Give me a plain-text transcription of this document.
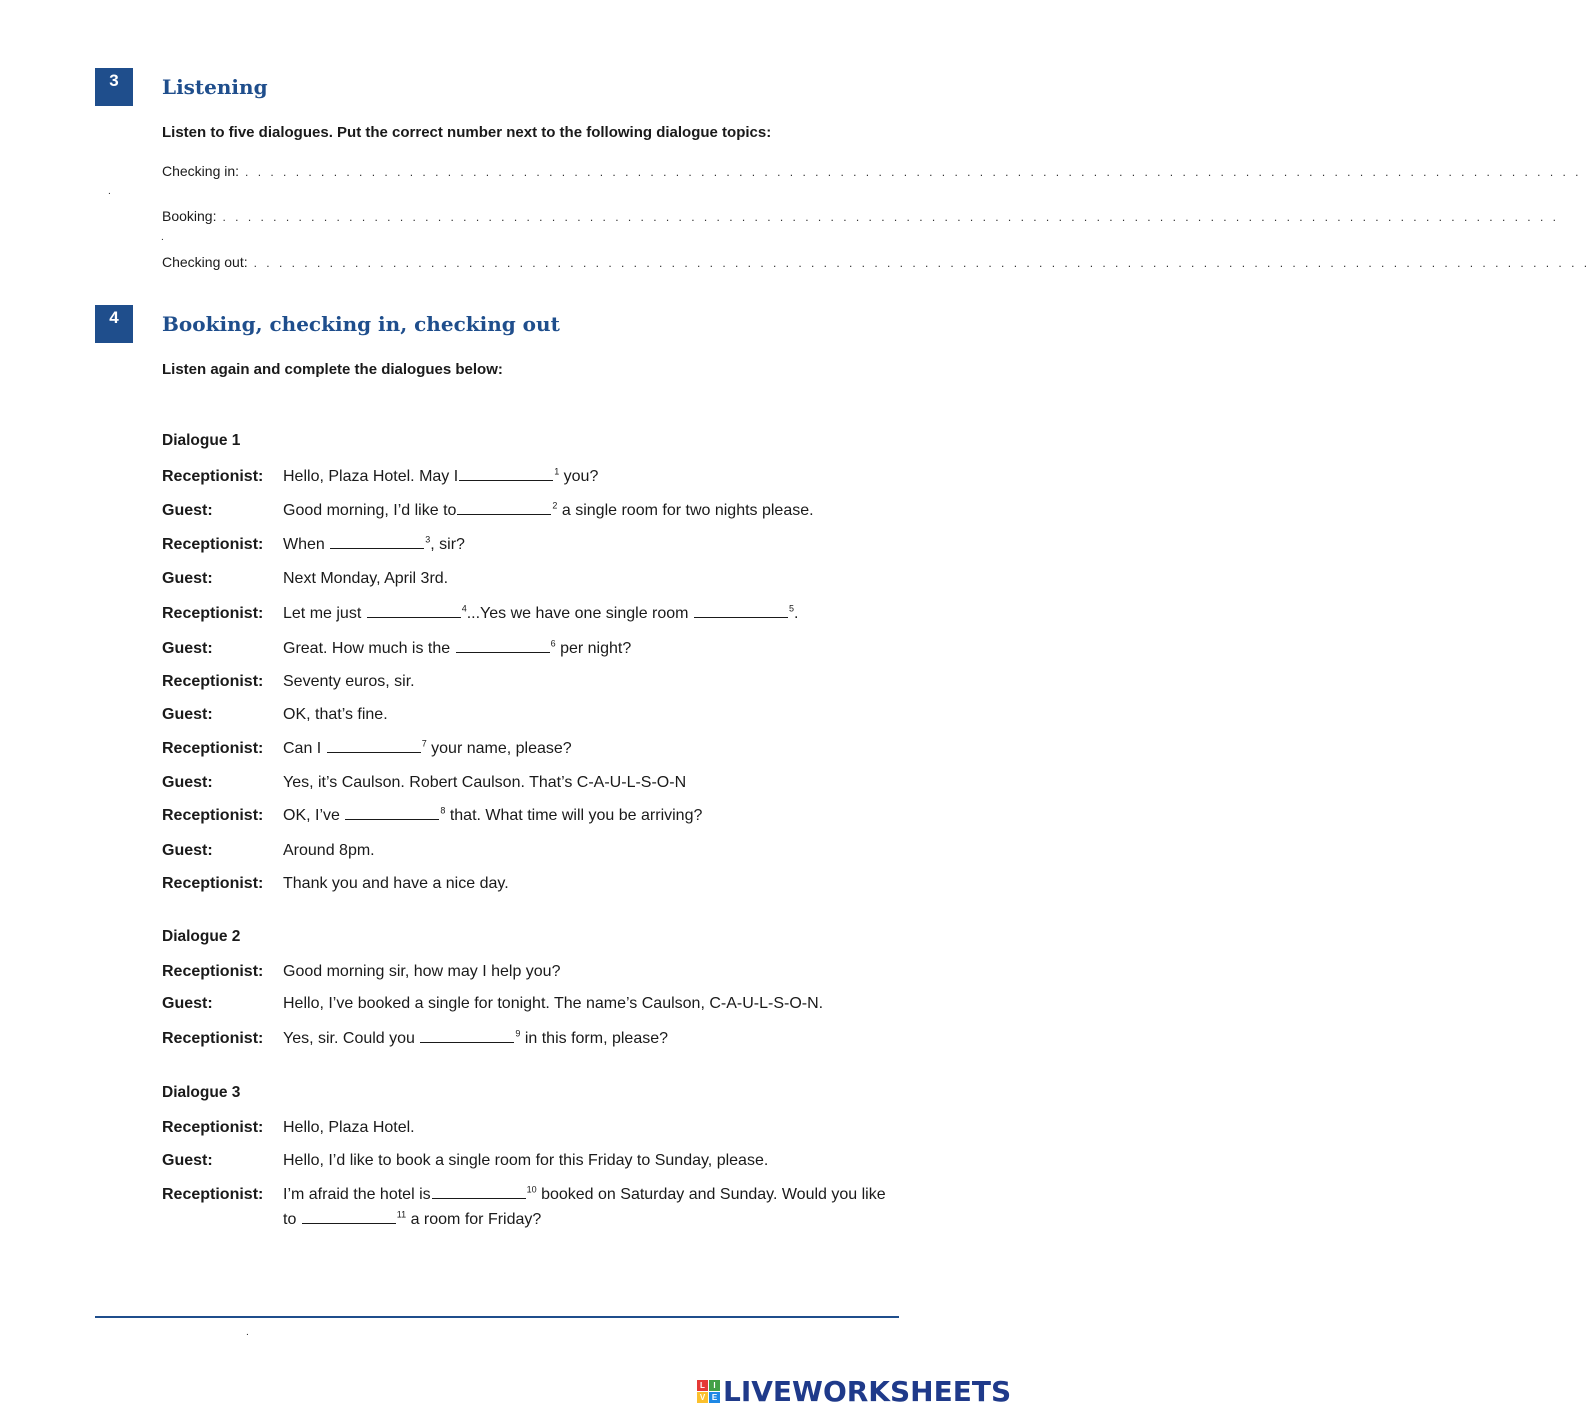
3	Listening
Listen to five dialogues. Put the correct number next to the following dialogue topics:
Checking in: . . . . . . . . . . . . . . . . . . . . . . . . . . . . . . . . . . . . . . . . . . . . . . . . . . . . . . . . . . . . . . . . . . . . . . . . . . . . . . . . . . . . . . . . . . . . . . . . . . . . . . . . . .
.
Booking: . . . . . . . . . . . . . . . . . . . . . . . . . . . . . . . . . . . . . . . . . . . . . . . . . . . . . . . . . . . . . . . . . . . . . . . . . . . . . . . . . . . . . . . . . . . . . . . . . . . . . . . . . .
.
Checking out: . . . . . . . . . . . . . . . . . . . . . . . . . . . . . . . . . . . . . . . . . . . . . . . . . . . . . . . . . . . . . . . . . . . . . . . . . . . . . . . . . . . . . . . . . . . . . . . . . . . . . . . . . .
4	Booking, checking in, checking out
Listen again and complete the dialogues below:
Dialogue 1
Receptionist: Hello, Plaza Hotel. May I	$^1$ you?
Guest:	Good morning, I’d like to	$^2$ a single room for two nights please.
Receptionist: When	$^3$, sir?
Guest:	Next Monday, April 3rd.
Receptionist: Let me just	$^4$...Yes we have one single room	$^5$.
Guest:	Great. How much is the	$^6$ per night?
Receptionist: Seventy euros, sir.
Guest:	OK, that’s fine.
Receptionist: Can I	$^7$ your name, please?
Guest:	Yes, it’s Caulson. Robert Caulson. That’s C-A-U-L-S-O-N
Receptionist: OK, I’ve	$^8$ that. What time will you be arriving?
Guest:	Around 8pm.
Receptionist: Thank you and have a nice day.
Dialogue 2
Receptionist: Good morning sir, how may I help you?
Guest:	Hello, I’ve booked a single for tonight. The name’s Caulson, C-A-U-L-S-O-N.
Receptionist: Yes, sir. Could you	$^9$ in this form, please?
Dialogue 3
Receptionist: Hello, Plaza Hotel.
Guest:	Hello, I’d like to book a single room for this Friday to Sunday, please.
Receptionist: I’m afraid the hotel is	$^{10}$ booked on Saturday and Sunday. Would you like to	$^{11}$ a room for Friday?
.
L	I
V E LIVEWORKSHEETS
